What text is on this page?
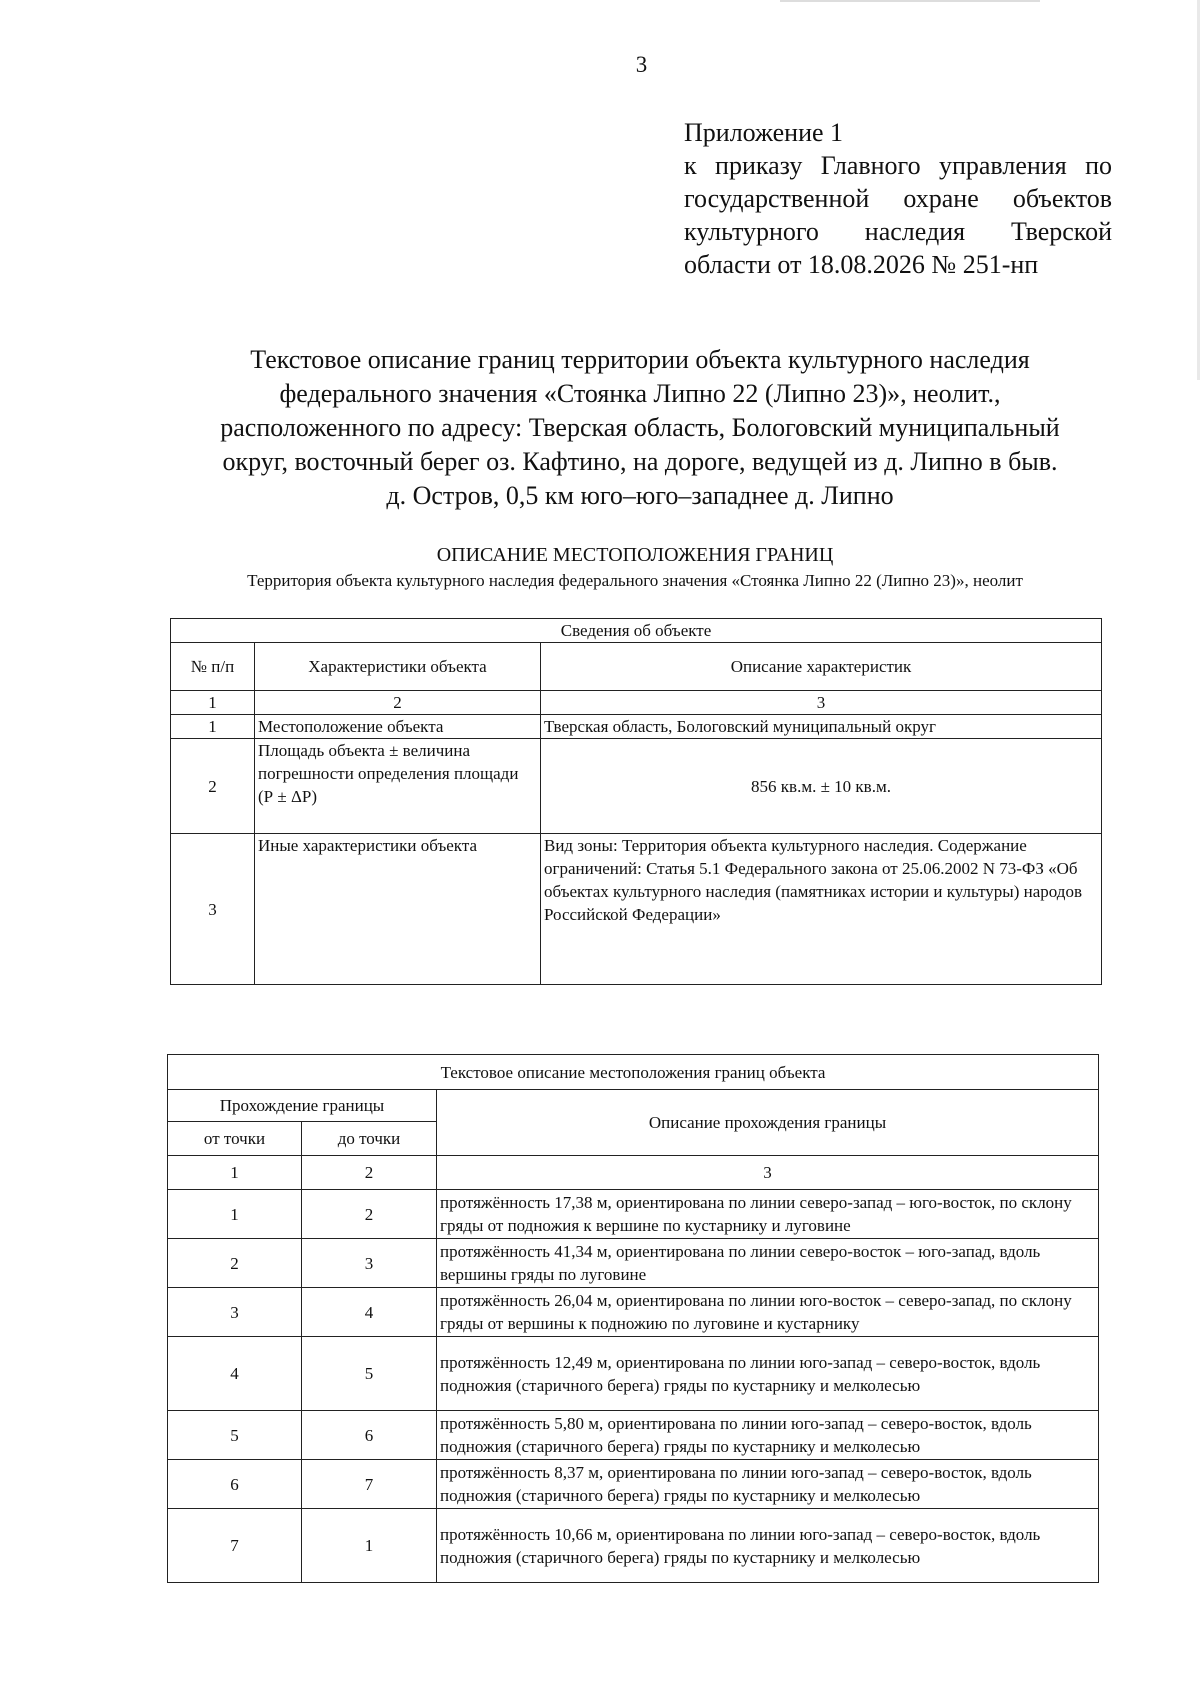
3

Приложение 1

к приказу Главного управления по государственной охране объектов культурного наследия Тверской области от 18.08.2026 № 251-нп

Текстовое описание границ территории объекта культурного наследия
федерального значения «Стоянка Липно 22 (Липно 23)», неолит.,
расположенного по адресу: Тверская область, Бологовский муниципальный
округ, восточный берег оз. Кафтино, на дороге, ведущей из д. Липно в быв.
д. Остров, 0,5 км юго–юго–западнее д. Липно
ОПИСАНИЕ МЕСТОПОЛОЖЕНИЯ ГРАНИЦ
Территория объекта культурного наследия федерального значения «Стоянка Липно 22 (Липно 23)», неолит
Сведения об объекте		
№ п/п	Характеристики объекта	Описание характеристик
1	2	3
1	Местоположение объекта	Тверская область, Бологовский муниципальный округ
2	Площадь объекта ± величина погрешности определения площади (Р ± ΔР)	856 кв.м. ± 10 кв.м.
3	Иные характеристики объекта	Вид зоны: Территория объекта культурного наследия. Содержание ограничений: Статья 5.1 Федерального закона от 25.06.2002 N 73-ФЗ «Об объектах культурного наследия (памятниках истории и культуры) народов Российской Федерации»
Текстовое описание местоположения границ объекта		
Прохождение границы		Описание прохождения границы
от точки	до точки	
1	2	3
1	2	протяжённость 17,38 м, ориентирована по линии северо-запад – юго-восток, по склону гряды от подножия к вершине по кустарнику и луговине
2	3	протяжённость 41,34 м, ориентирована по линии северо-восток – юго-запад, вдоль вершины гряды по луговине
3	4	протяжённость 26,04 м, ориентирована по линии юго-восток – северо-запад, по склону гряды от вершины к подножию по луговине и кустарнику
4	5	протяжённость 12,49 м, ориентирована по линии юго-запад – северо-восток, вдоль подножия (старичного берега) гряды по кустарнику и мелколесью
5	6	протяжённость 5,80 м, ориентирована по линии юго-запад – северо-восток, вдоль подножия (старичного берега) гряды по кустарнику и мелколесью
6	7	протяжённость 8,37 м, ориентирована по линии юго-запад – северо-восток, вдоль подножия (старичного берега) гряды по кустарнику и мелколесью
7	1	протяжённость 10,66 м, ориентирована по линии юго-запад – северо-восток, вдоль подножия (старичного берега) гряды по кустарнику и мелколесью
